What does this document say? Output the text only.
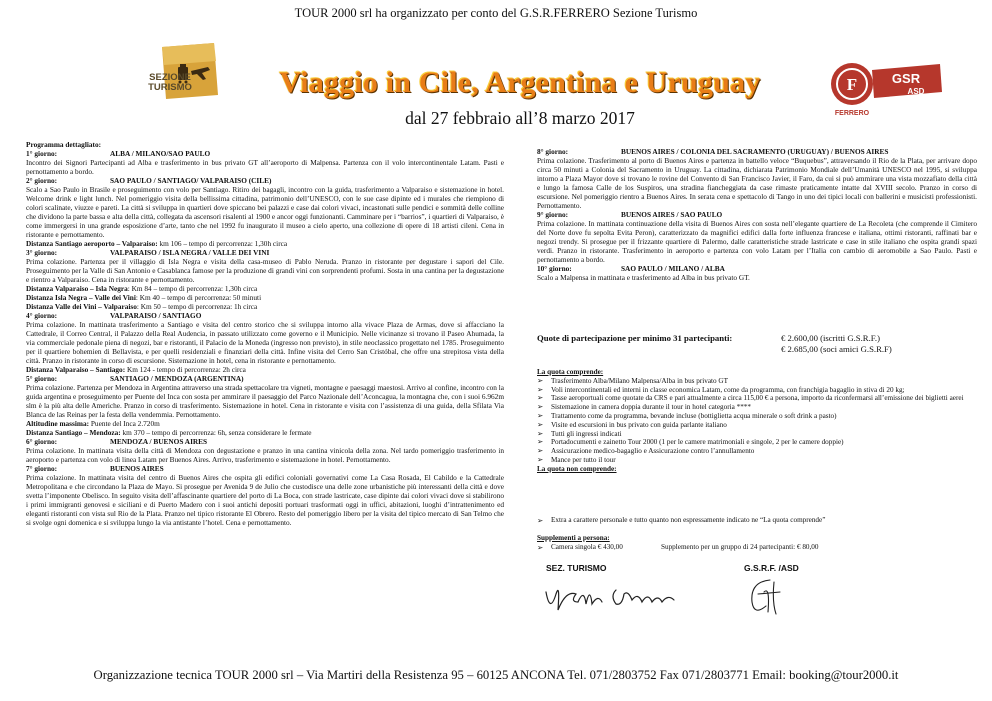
TOUR 2000 srl ha organizzato per conto del G.S.R.FERRERO Sezione Turismo
SEZIONE TURISMO	Viaggio in Cile, Argentina e Uruguay
dal 27 febbraio all’8 marzo 2017
F	GSR
ASD
FERRERO
Programma dettagliato:
1° giorno:	ALBA / MILANO/SAO PAULO
Incontro dei Signori Partecipanti ad Alba e trasferimento in bus privato GT all’aeroporto di Malpensa. Partenza con il volo intercontinentale Latam. Pasti e pernottamento a bordo.
2° giorno:	SAO PAULO / SANTIAGO/ VALPARAISO (CILE)
Scalo a Sao Paulo in Brasile e proseguimento con volo per Santiago. Ritiro dei bagagli, incontro con la guida, trasferimento a Valparaiso e sistemazione in hotel. Welcome drink e light lunch. Nel pomeriggio visita della bellissima cittadina, patrimonio dell’UNESCO, con le sue case dipinte ed i murales che riempiono di colori scalinate, viuzze e pareti. La città si sviluppa in quartieri dove spiccano bei palazzi e case dai colori vivaci, incastonati sulle pendici e sommità delle colline che dividono la parte bassa e alta della città, collegata da ascensori risalenti al 1900 e ancor oggi funzionanti. Camminare per i “barrios”, i quartieri di Valparaiso, è come immergersi in una grande esposizione d’arte, tanto che nel 1992 fu inaugurato il museo a cielo aperto, una collezione di opere di 18 artisti cileni. Cena in ristorante e pernottamento.
Distanza Santiago aeroporto – Valparaiso: km 106 – tempo di percorrenza: 1,30h circa
3° giorno:	VALPARAISO / ISLA NEGRA / VALLE DEI VINI
Prima colazione. Partenza per il villaggio di Isla Negra e visita della casa-museo di Pablo Neruda. Pranzo in ristorante per degustare i sapori del Cile. Proseguimento per la Valle di San Antonio e Casablanca famose per la produzione di grandi vini con sorprendenti profumi. Sosta in una cantina per la degustazione e rientro a Valparaiso. Cena in ristorante e pernottamento.
Distanza Valparaiso – Isla Negra: Km 84 – tempo di percorrenza: 1,30h circa
Distanza Isla Negra – Valle dei Vini: Km 40 – tempo di percorrenza: 50 minuti
Distanza Valle dei Vini – Valparaiso: Km 50 – tempo di percorrenza: 1h circa
4° giorno:	VALPARAISO / SANTIAGO
Prima colazione. In mattinata trasferimento a Santiago e visita del centro storico che si sviluppa intorno alla vivace Plaza de Armas, dove si affacciano la Cattedrale, il Correo Central, il Palazzo della Real Audencia, in passato utilizzato come governo e il Municipio. Nelle vicinanze si trovano il Paseo Ahumada, la via commerciale pedonale piena di negozi, bar e ristoranti, il Palacio de la Moneda (ingresso non previsto), in stile neoclassico progettato nel 1785. Proseguimento per il quartiere bohemien di Bellavista, e per quelli residenziali e finanziari della città. Infine visita del Cerro San Cristóbal, che offre una strepitosa vista della città. Pranzo in ristorante in corso di escursione. Sistemazione in hotel, cena in ristorante e pernottamento.
Distanza Valparaiso – Santiago: Km 124 - tempo di percorrenza: 2h circa
5° giorno:	SANTIAGO / MENDOZA (ARGENTINA)
Prima colazione. Partenza per Mendoza in Argentina attraverso una strada spettacolare tra vigneti, montagne e paesaggi maestosi. Arrivo al confine, incontro con la guida argentina e proseguimento per Puente del Inca con sosta per ammirare il paesaggio del Parco Nazionale dell’Aconcagua, la montagna che, con i suoi 6.962m slm è la più alta delle Americhe. Pranzo in corso di trasferimento. Sistemazione in hotel. Cena in ristorante e visita con l’assistenza di una guida, della Sfilata Via Blanca de las Reinas per la festa della vendemmia. Pernottamento.
Altitudine massima: Puente del Inca 2.720m
Distanza Santiago – Mendoza: km 370 – tempo di percorrenza: 6h, senza considerare le fermate
6° giorno:	MENDOZA / BUENOS AIRES
Prima colazione. In mattinata visita della città di Mendoza con degustazione e pranzo in una cantina vinicola della zona. Nel tardo pomeriggio trasferimento in aeroporto e partenza con volo di linea Latam per Buenos Aires. Arrivo, trasferimento e sistemazione in hotel. Pernottamento.
7° giorno:	BUENOS AIRES
Prima colazione. In mattinata visita del centro di Buenos Aires che ospita gli edifici coloniali governativi come La Casa Rosada, El Cabildo e la Cattedrale Metropolitana e che circondano la Plaza de Mayo. Si prosegue per Avenida 9 de Julio che custodisce una delle zone urbanistiche più interessanti della città e dove svetta l’imponente Obelisco. In seguito visita dell’affascinante quartiere del porto di La Boca, con strade lastricate, case dipinte dai colori vivaci dove si stabilirono i primi immigranti genovesi e siciliani e di Puerto Madero con i suoi antichi depositi portuari trasformati oggi in uffici, abitazioni, luoghi d’intrattenimento ed eleganti ristoranti con vista sul Rio de la Plata. Pranzo nel tipico ristorante El Obrero. Resto del pomeriggio libero per la visita del tipico mercato di San Telmo che si svolge ogni domenica e si sviluppa lungo la via antistante l’hotel. Cena e pernottamento.
8° giorno:	BUENOS AIRES / COLONIA DEL SACRAMENTO (URUGUAY) / BUENOS AIRES
Prima colazione. Trasferimento al porto di Buenos Aires e partenza in battello veloce “Buquebus”, attraversando il Rio de la Plata, per arrivare dopo circa 50 minuti a Colonia del Sacramento in Uruguay. La cittadina, dichiarata Patrimonio Mondiale dell’Umanità UNESCO nel 1995, si sviluppa intorno a Plaza Mayor dove si trovano le rovine del Convento di San Francisco Javier, il Faro, da cui si può ammirare una vista mozzafiato della città e lungo la famosa Calle de los Suspiros, una stradina fiancheggiata da case rimaste praticamente intatte dal XVIII secolo. Pranzo in corso di escursione. Nel pomeriggio rientro a Buenos Aires. In serata cena e spettacolo di Tango in uno dei tipici locali con ballerini e musicisti professionisti. Pernottamento.
9° giorno:	BUENOS AIRES / SAO PAULO
Prima colazione. In mattinata continuazione della visita di Buenos Aires con sosta nell’elegante quartiere de La Recoleta (che comprende il Cimitero del Norte dove fu sepolta Evita Peron), caratterizzato da magnifici edifici dalla forte influenza francese e italiana, ottimi ristoranti, raffinati bar e negozi trendy. Si prosegue per il frizzante quartiere di Palermo, dalle caratteristiche strade lastricate e case in stile italiano che ospita grandi spazi verdi. Pranzo in ristorante. Trasferimento in aeroporto e partenza con volo Latam per l’Italia con cambio di aeromobile a Sao Paulo. Pasti e pernottamento a bordo.
10° giorno:	SAO PAULO / MILANO / ALBA
Scalo a Malpensa in mattinata e trasferimento ad Alba in bus privato GT.
Quote di partecipazione per minimo 31 partecipanti:	€ 2.600,00 (iscritti G.S.R.F.)
€ 2.685,00 (soci amici G.S.R.F)
La quota comprende:
➢ Trasferimento Alba/Milano Malpensa/Alba in bus privato GT
➢ Voli intercontinentali ed interni in classe economica Latam, come da programma, con franchigia bagaglio in stiva di 20 kg;
➢ Tasse aeroportuali come quotate da CRS e pari attualmente a circa 115,00 € a persona, importo da riconfermarsi all’emissione dei biglietti aerei
➢ Sistemazione in camera doppia durante il tour in hotel categoria ****
➢ Trattamento come da programma, bevande incluse (bottiglietta acqua minerale o soft drink a pasto)
➢ Visite ed escursioni in bus privato con guida parlante italiano
➢ Tutti gli ingressi indicati
➢ Portadocumenti e zainetto Tour 2000 (1 per le camere matrimoniali e singole, 2 per le camere doppie)
➢ Assicurazione medico-bagaglio e Assicurazione contro l’annullamento
➢ Mance per tutto il tour
La quota non comprende:
➢ Extra a carattere personale e tutto quanto non espressamente indicato ne “La quota comprende”
Supplementi a persona:
➢ Camera singola € 430,00	Supplemento per un gruppo di 24 partecipanti: € 80,00
SEZ. TURISMO	G.S.R.F. /ASD
Organizzazione tecnica TOUR 2000 srl – Via Martiri della Resistenza 95 – 60125 ANCONA Tel. 071/2803752 Fax 071/2803771 Email: booking@tour2000.it
